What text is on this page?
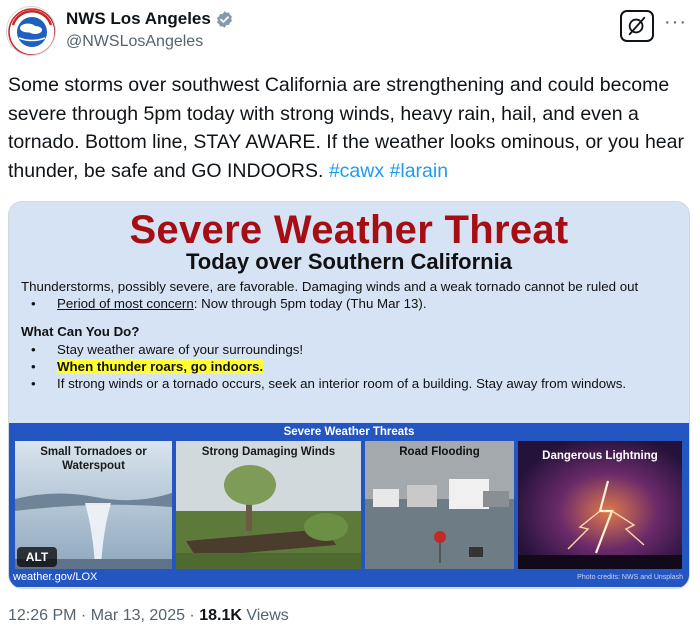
NWS Los Angeles
@NWSLosAngeles
···
Some storms over southwest California are strengthening and could become severe through 5pm today with strong winds, heavy rain, hail, and even a tornado. Bottom line, STAY AWARE. If the weather looks ominous, or you hear thunder, be safe and GO INDOORS. #cawx #larain
Severe Weather Threat
Today over Southern California
Thunderstorms, possibly severe, are favorable. Damaging winds and a weak tornado cannot be ruled out
• Period of most concern: Now through 5pm today (Thu Mar 13).
What Can You Do?
• Stay weather aware of your surroundings!
• When thunder roars, go indoors.
• If strong winds or a tornado occurs, seek an interior room of a building. Stay away from windows.
Severe Weather Threats
Small Tornadoes or Waterspout
Strong Damaging Winds	Road Flooding	Dangerous Lightning
weather.gov/LOX	Photo credits: NWS and Unsplash
ALT
12:26 PM · Mar 13, 2025 · 18.1K Views
